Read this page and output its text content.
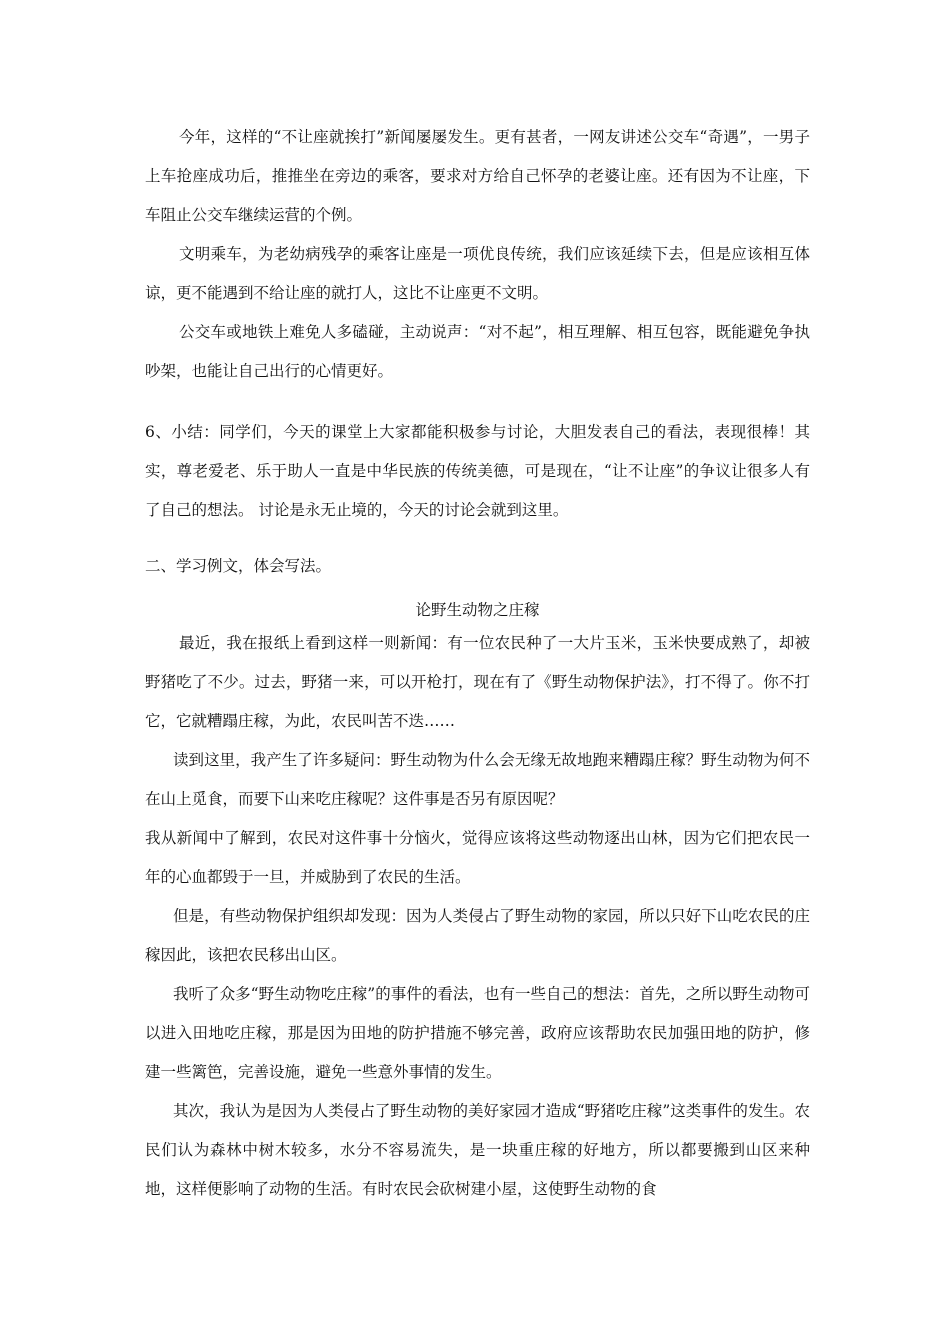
今年，这样的“不让座就挨打”新闻屡屡发生。更有甚者，一网友讲述公交车“奇遇”，一男子上车抢座成功后，推推坐在旁边的乘客，要求对方给自己怀孕的老婆让座。还有因为不让座，下车阻止公交车继续运营的个例。

文明乘车，为老幼病残孕的乘客让座是一项优良传统，我们应该延续下去，但是应该相互体谅，更不能遇到不给让座的就打人，这比不让座更不文明。

公交车或地铁上难免人多磕碰，主动说声：“对不起”，相互理解、相互包容，既能避免争执吵架，也能让自己出行的心情更好。

6、小结：同学们，今天的课堂上大家都能积极参与讨论，大胆发表自己的看法，表现很棒！其实，尊老爱老、乐于助人一直是中华民族的传统美德，可是现在，“让不让座”的争议让很多人有了自己的想法。 讨论是永无止境的，今天的讨论会就到这里。

二、学习例文，体会写法。

论野生动物之庄稼

最近，我在报纸上看到这样一则新闻：有一位农民种了一大片玉米，玉米快要成熟了，却被野猪吃了不少。过去，野猪一来，可以开枪打，现在有了《野生动物保护法》，打不得了。你不打它，它就糟蹋庄稼，为此，农民叫苦不迭……

读到这里，我产生了许多疑问：野生动物为什么会无缘无故地跑来糟蹋庄稼？野生动物为何不在山上觅食，而要下山来吃庄稼呢？这件事是否另有原因呢？

我从新闻中了解到，农民对这件事十分恼火，觉得应该将这些动物逐出山林，因为它们把农民一年的心血都毁于一旦，并威胁到了农民的生活。

但是，有些动物保护组织却发现：因为人类侵占了野生动物的家园，所以只好下山吃农民的庄稼因此，该把农民移出山区。

我听了众多“野生动物吃庄稼”的事件的看法，也有一些自己的想法：首先，之所以野生动物可以进入田地吃庄稼，那是因为田地的防护措施不够完善，政府应该帮助农民加强田地的防护，修建一些篱笆，完善设施，避免一些意外事情的发生。

其次，我认为是因为人类侵占了野生动物的美好家园才造成“野猪吃庄稼”这类事件的发生。农民们认为森林中树木较多，水分不容易流失，是一块重庄稼的好地方，所以都要搬到山区来种地，这样便影响了动物的生活。有时农民会砍树建小屋，这使野生动物的食
